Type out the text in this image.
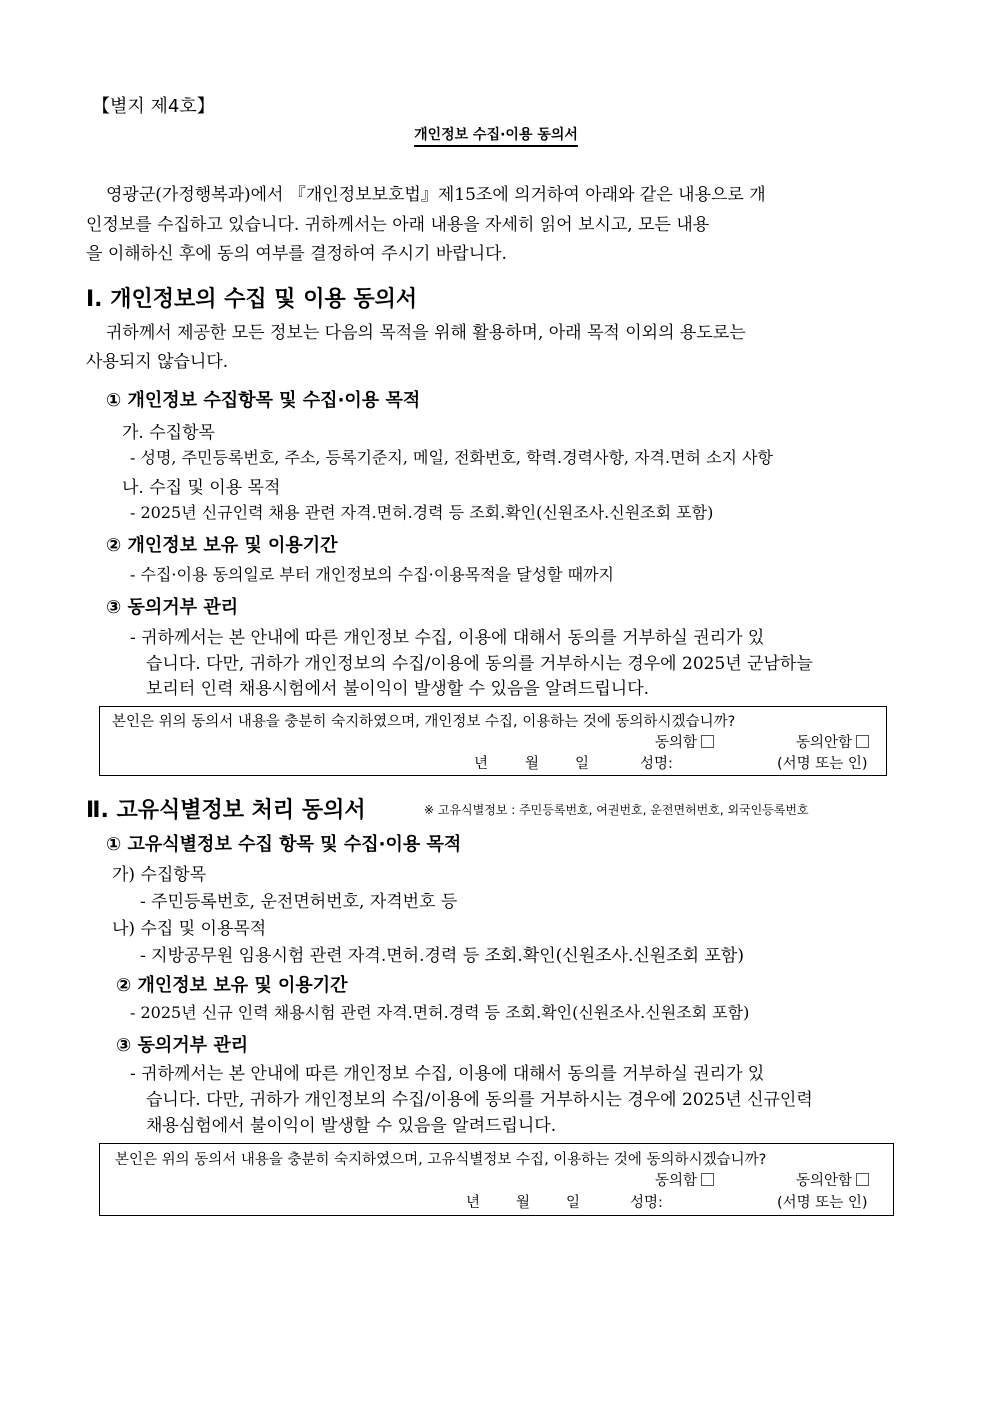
【별지 제4호】
개인정보 수집·이용 동의서
영광군(가정행복과)에서 『개인정보보호법』제15조에 의거하여 아래와 같은 내용으로 개
인정보를 수집하고 있습니다. 귀하께서는 아래 내용을 자세히 읽어 보시고, 모든 내용
을 이해하신 후에 동의 여부를 결정하여 주시기 바랍니다.
Ⅰ. 개인정보의 수집 및 이용 동의서
귀하께서 제공한 모든 정보는 다음의 목적을 위해 활용하며, 아래 목적 이외의 용도로는
사용되지 않습니다.
① 개인정보 수집항목 및 수집·이용 목적
가. 수집항목
- 성명, 주민등록번호, 주소, 등록기준지, 메일, 전화번호, 학력.경력사항, 자격.면허 소지 사항
나. 수집 및 이용 목적
- 2025년 신규인력 채용 관련 자격.면허.경력 등 조회.확인(신원조사.신원조회 포함)
② 개인정보 보유 및 이용기간
- 수집·이용 동의일로 부터 개인정보의 수집·이용목적을 달성할 때까지
③ 동의거부 관리
- 귀하께서는 본 안내에 따른 개인정보 수집, 이용에 대해서 동의를 거부하실 권리가 있
습니다. 다만, 귀하가 개인정보의 수집/이용에 동의를 거부하시는 경우에 2025년 군남하늘
보리터 인력 채용시험에서 불이익이 발생할 수 있음을 알려드립니다.
본인은 위의 동의서 내용을 충분히 숙지하였으며, 개인정보 수집, 이용하는 것에 동의하시겠습니까?
동의함	동의안함
년	월 일	성명:	(서명 또는 인)
Ⅱ. 고유식별정보 처리 동의서	※ 고유식별정보 : 주민등록번호, 여권번호, 운전면허번호, 외국인등록번호
① 고유식별정보 수집 항목 및 수집·이용 목적
가) 수집항목
- 주민등록번호, 운전면허번호, 자격번호 등
나) 수집 및 이용목적
- 지방공무원 임용시험 관련 자격.면허.경력 등 조회.확인(신원조사.신원조회 포함)
② 개인정보 보유 및 이용기간
- 2025년 신규 인력 채용시험 관련 자격.면허.경력 등 조회.확인(신원조사.신원조회 포함)
③ 동의거부 관리
- 귀하께서는 본 안내에 따른 개인정보 수집, 이용에 대해서 동의를 거부하실 권리가 있
습니다. 다만, 귀하가 개인정보의 수집/이용에 동의를 거부하시는 경우에 2025년 신규인력
채용심험에서 불이익이 발생할 수 있음을 알려드립니다.
본인은 위의 동의서 내용을 충분히 숙지하였으며, 고유식별정보 수집, 이용하는 것에 동의하시겠습니까?
동의함	동의안함
년 월 일	성명:	(서명 또는 인)
